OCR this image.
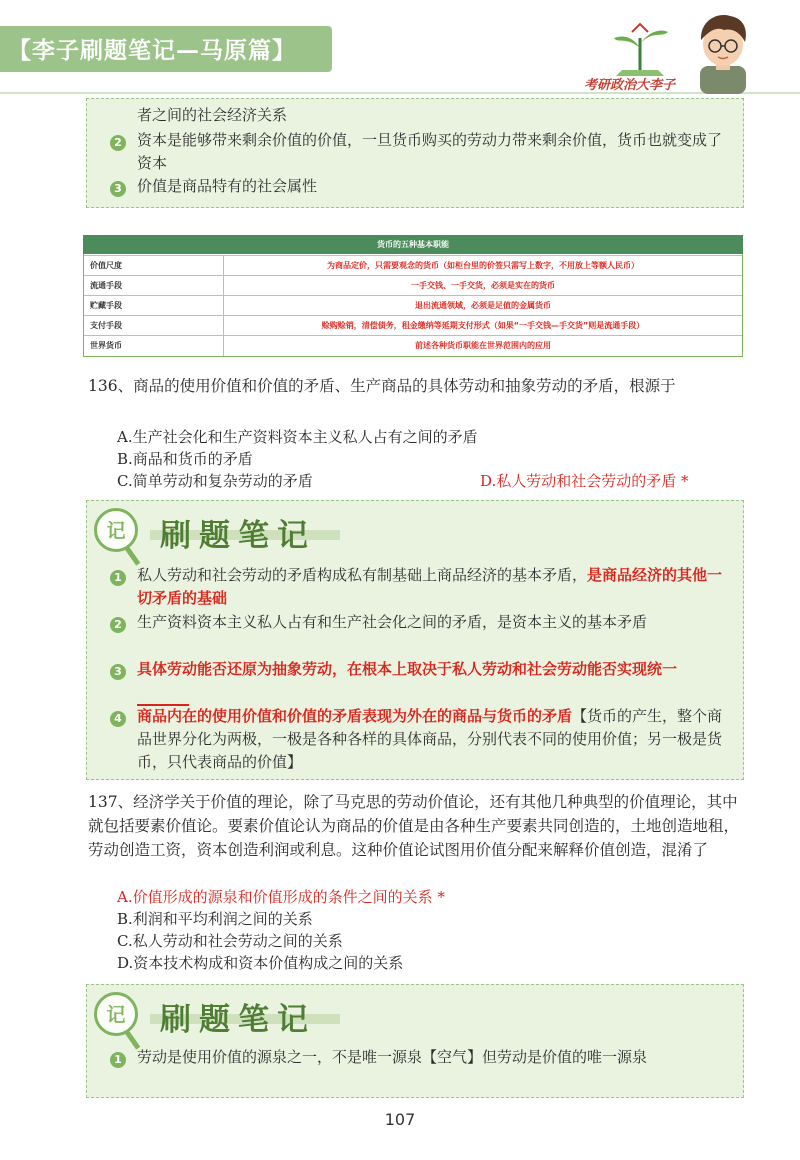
【李子刷题笔记—马原篇】
考研政治大李子
者之间的社会经济关系
2 资本是能够带来剩余价值的价值，一旦货币购买的劳动力带来剩余价值，货币也就变成了资本
3 价值是商品特有的社会属性
货币的五种基本职能
价值尺度	为商品定价，只需要观念的货币（如柜台里的价签只需写上数字，不用放上等额人民币）
流通手段	一手交钱、一手交货，必须是实在的货币
贮藏手段	退出流通领域，必须是足值的金属货币
支付手段	赊购赊销，清偿债务，租金缴纳等延期支付形式（如果“一手交钱—手交货”则是流通手段）
世界货币	前述各种货币职能在世界范围内的应用
136、商品的使用价值和价值的矛盾、生产商品的具体劳动和抽象劳动的矛盾，根源于
A.生产社会化和生产资料资本主义私人占有之间的矛盾
B.商品和货币的矛盾
C.简单劳动和复杂劳动的矛盾	D.私人劳动和社会劳动的矛盾 *
记	刷题笔记
1 私人劳动和社会劳动的矛盾构成私有制基础上商品经济的基本矛盾，是商品经济的其他一切矛盾的基础
2 生产资料资本主义私人占有和生产社会化之间的矛盾，是资本主义的基本矛盾
3 具体劳动能否还原为抽象劳动，在根本上取决于私人劳动和社会劳动能否实现统一
4 商品内在的使用价值和价值的矛盾表现为外在的商品与货币的矛盾【货币的产生，整个商品世界分化为两极，一极是各种各样的具体商品，分别代表不同的使用价值；另一极是货币，只代表商品的价值】
137、经济学关于价值的理论，除了马克思的劳动价值论，还有其他几种典型的价值理论，其中就包括要素价值论。要素价值论认为商品的价值是由各种生产要素共同创造的，土地创造地租，劳动创造工资，资本创造利润或利息。这种价值论试图用价值分配来解释价值创造，混淆了
A.价值形成的源泉和价值形成的条件之间的关系 *
B.利润和平均利润之间的关系
C.私人劳动和社会劳动之间的关系
D.资本技术构成和资本价值构成之间的关系
记	刷题笔记
1 劳动是使用价值的源泉之一，不是唯一源泉【空气】但劳动是价值的唯一源泉
107
